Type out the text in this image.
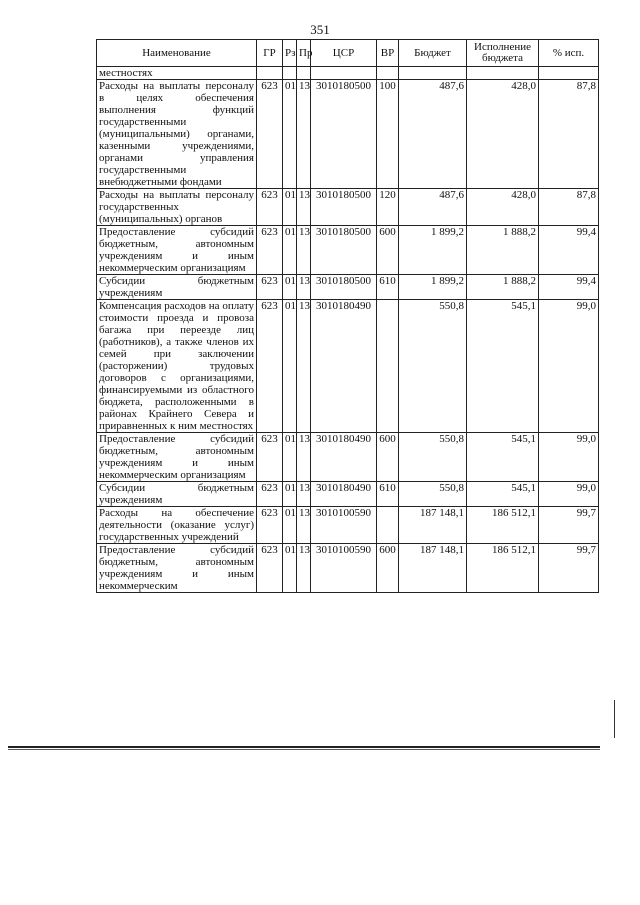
351
Наименование	ГР	Рз	Пр	ЦСР	ВР	Бюджет	Исполнение бюджета	% исп.
местностях								
Расходы на выплаты персоналу в целях обеспечения выполнения функций государственными (муниципальными) органами, казенными учреждениями, органами управления государственными внебюджетными фондами	623	01	13	3010180500	100	487,6	428,0	87,8
Расходы на выплаты персоналу государственных (муниципальных) органов	623	01	13	3010180500	120	487,6	428,0	87,8
Предоставление субсидий бюджетным, автономным учреждениям и иным некоммерческим организациям	623	01	13	3010180500	600	1 899,2	1 888,2	99,4
Субсидии бюджетным учреждениям	623	01	13	3010180500	610	1 899,2	1 888,2	99,4
Компенсация расходов на оплату стоимости проезда и провоза багажа при переезде лиц (работников), а также членов их семей при заключении (расторжении) трудовых договоров с организациями, финансируемыми из областного бюджета, расположенными в районах Крайнего Севера и приравненных к ним местностях	623	01	13	3010180490		550,8	545,1	99,0
Предоставление субсидий бюджетным, автономным учреждениям и иным некоммерческим организациям	623	01	13	3010180490	600	550,8	545,1	99,0
Субсидии бюджетным учреждениям	623	01	13	3010180490	610	550,8	545,1	99,0
Расходы на обеспечение деятельности (оказание услуг) государственных учреждений	623	01	13	3010100590		187 148,1	186 512,1	99,7
Предоставление субсидий бюджетным, автономным учреждениям и иным некоммерческим	623	01	13	3010100590	600	187 148,1	186 512,1	99,7
